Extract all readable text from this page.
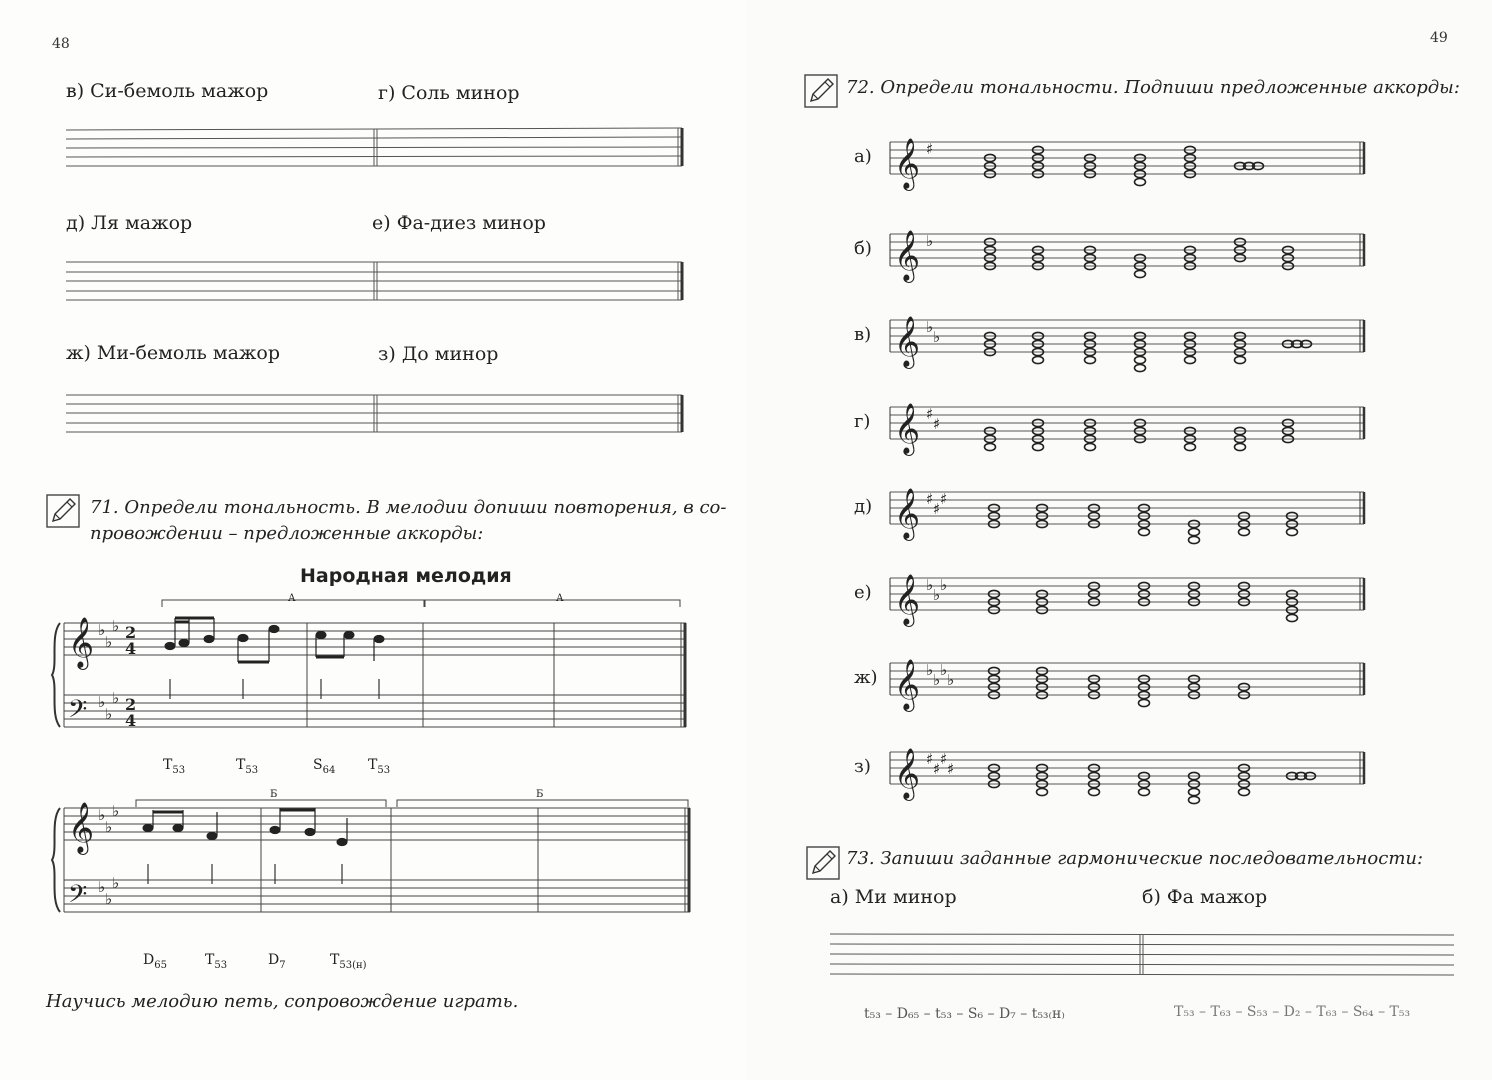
48
в) Си-бемоль мажор	г) Соль минор
д) Ля мажор	е) Фа-диез минор
ж) Ми-бемоль мажор	з) До минор
71. Определи тональность. В мелодии допиши повторения, в со-
провождении – предложенные аккорды:
Народная мелодия
𝄞
𝄢
♭
♭
♭
♭
♭
♭
2
4
2
4
А	А
$T_{53}$	$T_{53}$	$S_{64}$ $T_{53}$
𝄞
𝄢
♭
♭
♭
♭
♭
♭
Б	Б
$D_{65}$	$T_{53}$	$D_7$	$T_{53(н)}$
Научись мелодию петь, сопровождение играть.
49
72. Определи тональности. Подпиши предложенные аккорды:
а) 𝄞 ♯
б) 𝄞 ♭
в) 𝄞 ♭
♭
г) 𝄞 ♯
♯
д) 𝄞 ♯
♯
♯
е) 𝄞 ♭
♭
♭
ж) 𝄞 ♭
♭
♭
♭
з) 𝄞 ♯
♯
♯
♯
73. Запиши заданные гармонические последовательности:
а) Ми минор	б) Фа мажор
t₅₃ – D₆₅ – t₅₃ – S₆ – D₇ – t₅₃₍н₎	T₅₃ – T₆₃ – S₅₃ – D₂ – T₆₃ – S₆₄ – T₅₃
